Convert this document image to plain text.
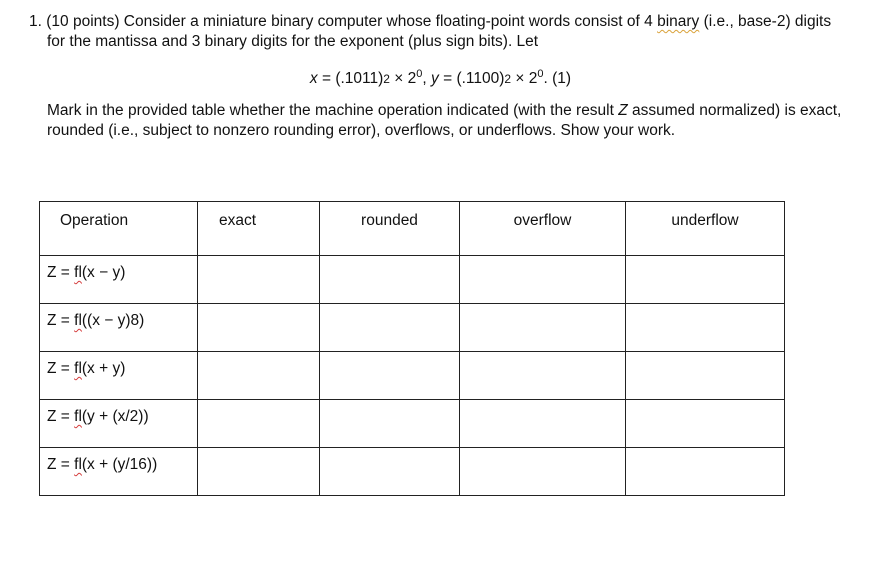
1. (10 points) Consider a miniature binary computer whose floating-point words consist of 4 binary (i.e., base-2) digits
for the mantissa and 3 binary digits for the exponent (plus sign bits). Let
$x = (.1011)2 \times 2^0$, $y = (.1100)2 \times 2^0$. (1)
Mark in the provided table whether the machine operation indicated (with the result Z assumed normalized) is exact, rounded (i.e., subject to nonzero rounding error), overflows, or underflows. Show your work.
Operation	exact	rounded	overflow	underflow
Z = fl(x − y)				
Z = fl((x − y)8)				
Z = fl(x + y)				
Z = fl(y + (x/2))				
Z = fl(x + (y/16))				
